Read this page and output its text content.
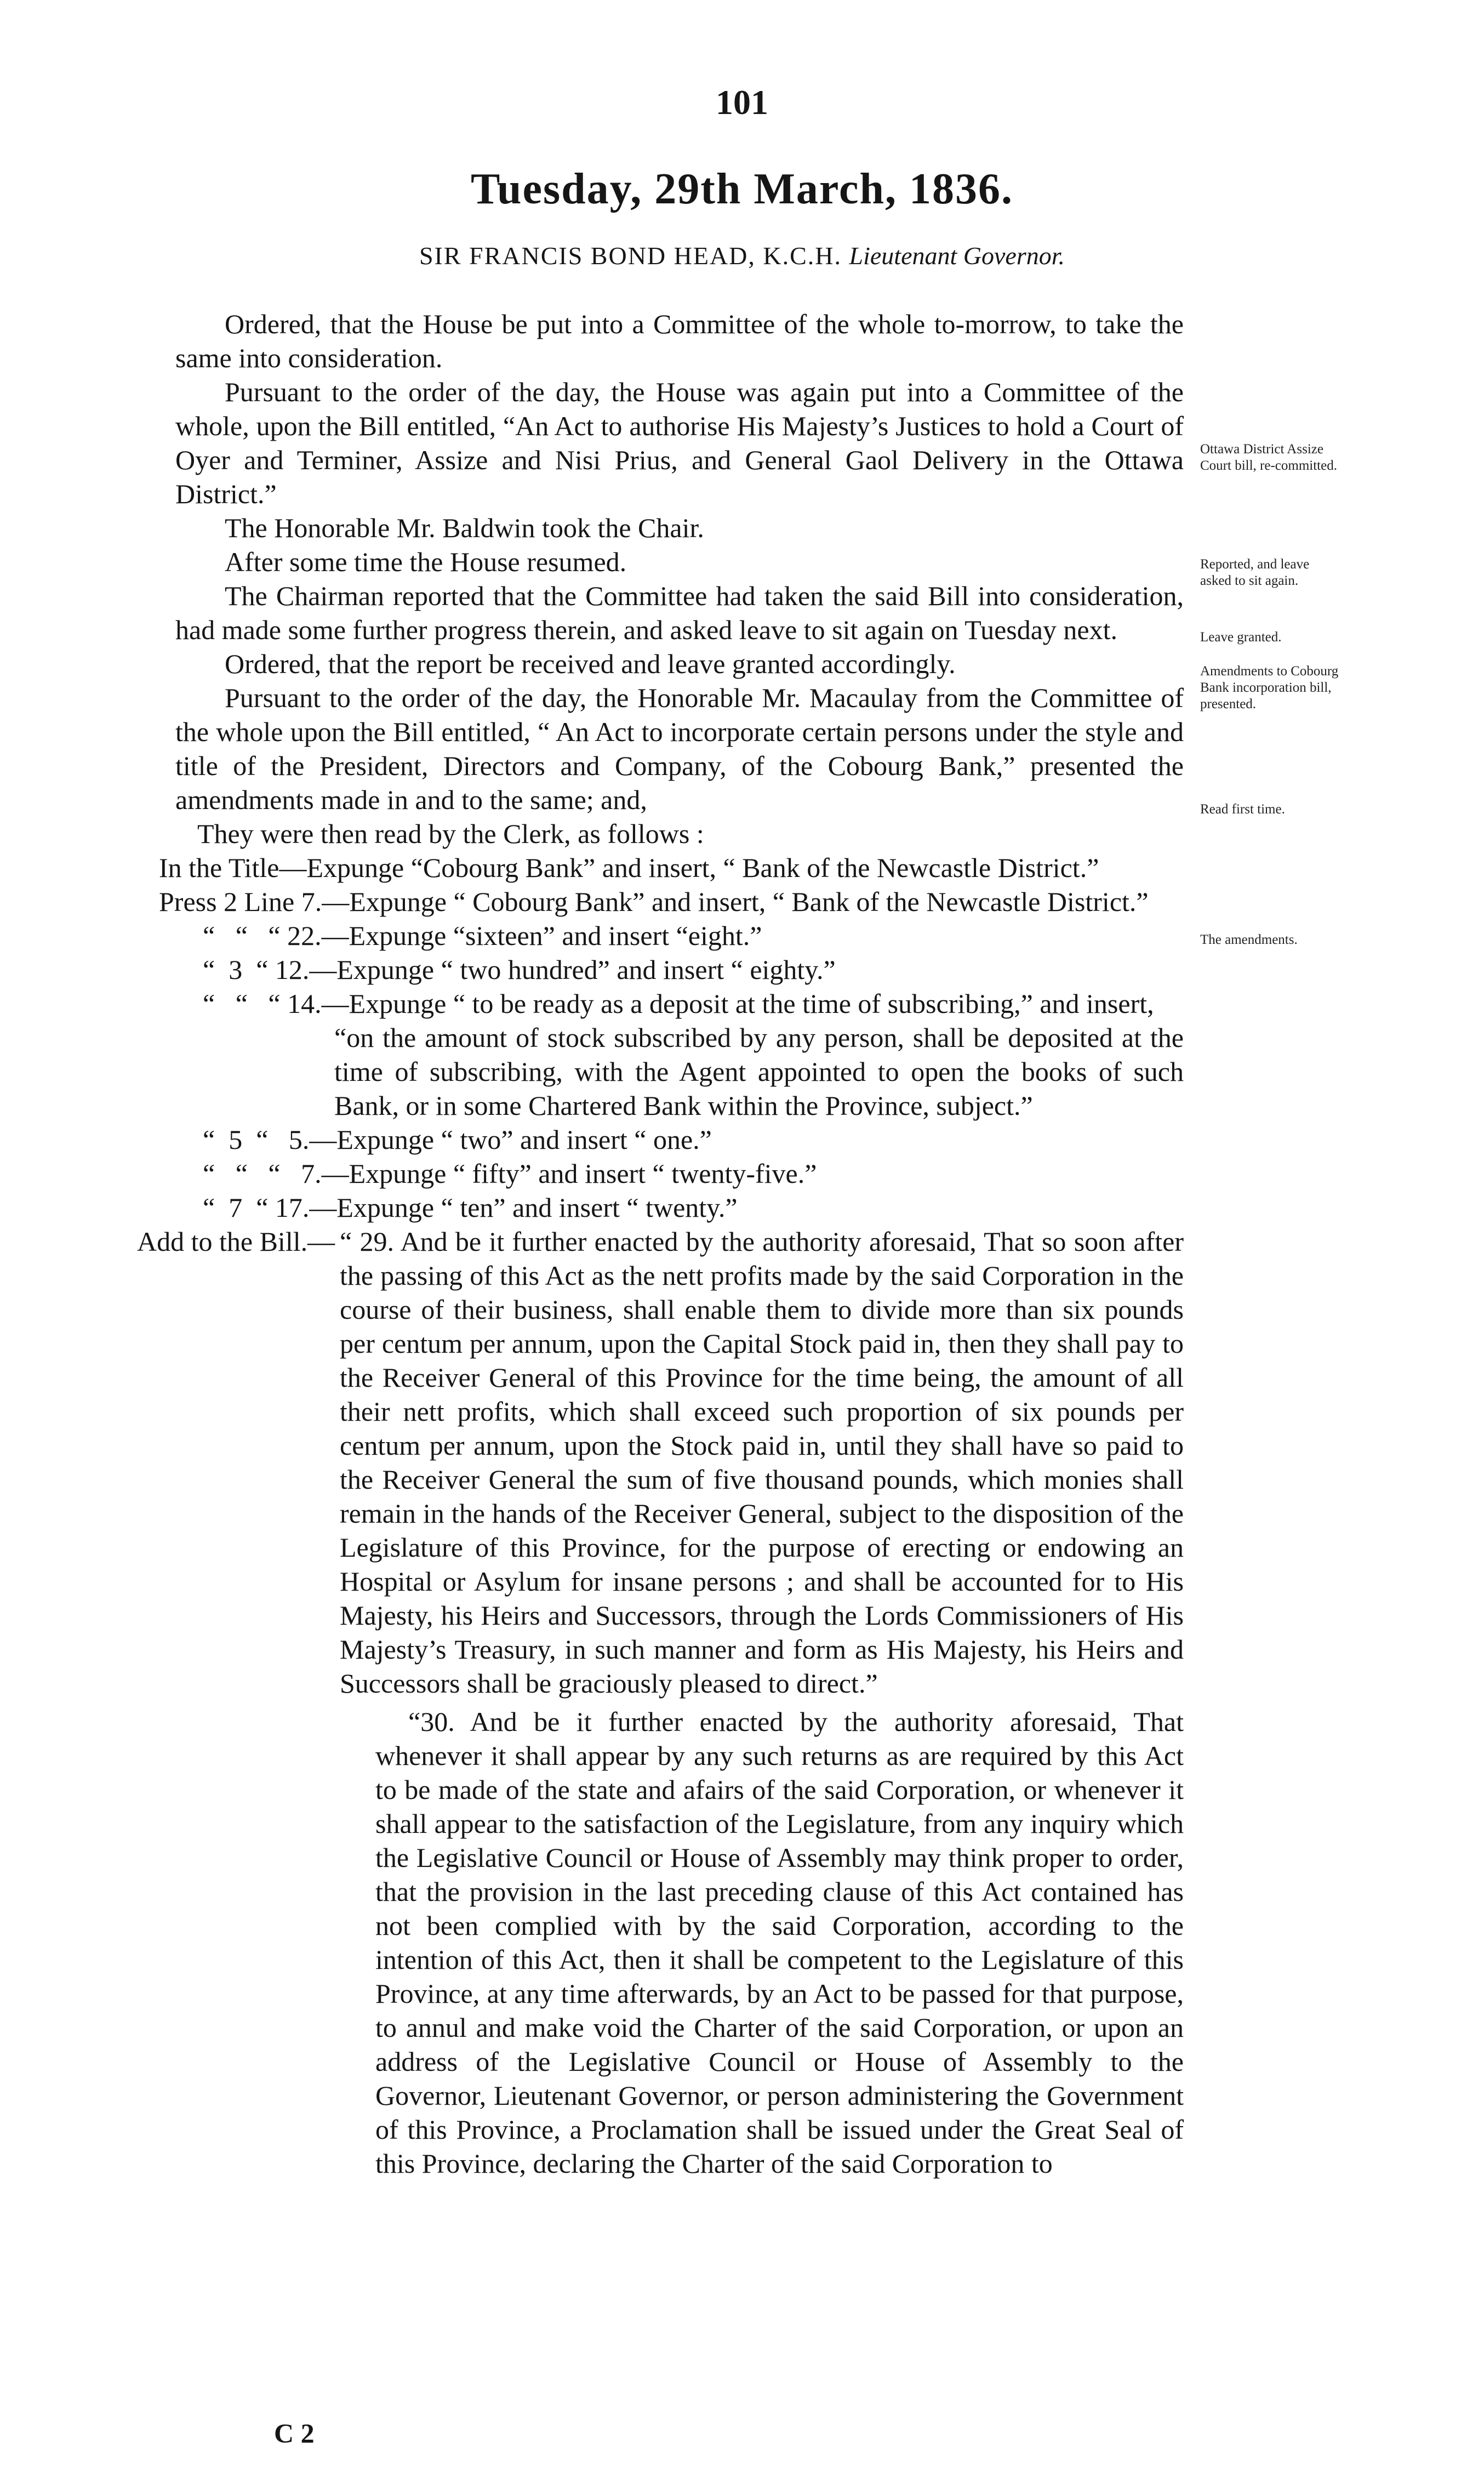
101
Tuesday, 29th March, 1836.
SIR FRANCIS BOND HEAD, K.C.H. Lieutenant Governor.

Ordered, that the House be put into a Committee of the whole to-morrow, to take the same into consideration.

Pursuant to the order of the day, the House was again put into a Committee of the whole, upon the Bill entitled, “An Act to authorise His Majesty’s Justices to hold a Court of Oyer and Terminer, Assize and Nisi Prius, and General Gaol Delivery in the Ottawa District.”

The Honorable Mr. Baldwin took the Chair.

After some time the House resumed.

The Chairman reported that the Committee had taken the said Bill into consideration, had made some further progress therein, and asked leave to sit again on Tuesday next.

Ordered, that the report be received and leave granted accordingly.

Pursuant to the order of the day, the Honorable Mr. Macaulay from the Committee of the whole upon the Bill entitled, “ An Act to incorporate certain persons under the style and title of the President, Directors and Company, of the Cobourg Bank,” presented the amendments made in and to the same; and,

They were then read by the Clerk, as follows :

In the Title—Expunge “Cobourg Bank” and insert, “ Bank of the Newcastle District.”
Press 2 Line 7.—Expunge “ Cobourg Bank” and insert, “ Bank of the Newcastle District.”
“   “   “ 22.—Expunge “sixteen” and insert “eight.”
“  3  “ 12.—Expunge “ two hundred” and insert “ eighty.”
“   “   “ 14.—Expunge “ to be ready as a deposit at the time of subscribing,” and insert,
“on the amount of stock subscribed by any person, shall be deposited at the time of subscribing, with the Agent appointed to open the books of such Bank, or in some Chartered Bank within the Province, subject.”
“  5  “   5.—Expunge “ two” and insert “ one.”
“   “   “   7.—Expunge “ fifty” and insert “ twenty-five.”
“  7  “ 17.—Expunge “ ten” and insert “ twenty.”
Add to the Bill.— “ 29. And be it further enacted by the authority aforesaid, That so soon after the passing of this Act as the nett profits made by the said Corporation in the course of their business, shall enable them to divide more than six pounds per centum per annum, upon the Capital Stock paid in, then they shall pay to the Receiver General of this Province for the time being, the amount of all their nett profits, which shall exceed such proportion of six pounds per centum per annum, upon the Stock paid in, until they shall have so paid to the Receiver General the sum of five thousand pounds, which monies shall remain in the hands of the Receiver General, subject to the disposition of the Legislature of this Province, for the purpose of erecting or endowing an Hospital or Asylum for insane persons ; and shall be accounted for to His Majesty, his Heirs and Successors, through the Lords Commissioners of His Majesty’s Treasury, in such manner and form as His Majesty, his Heirs and Successors shall be graciously pleased to direct.”
“30. And be it further enacted by the authority aforesaid, That whenever it shall appear by any such returns as are required by this Act to be made of the state and afairs of the said Corporation, or whenever it shall appear to the satisfaction of the Legislature, from any inquiry which the Legislative Council or House of Assembly may think proper to order, that the provision in the last preceding clause of this Act contained has not been complied with by the said Corporation, according to the intention of this Act, then it shall be competent to the Legislature of this Province, at any time afterwards, by an Act to be passed for that purpose, to annul and make void the Charter of the said Corporation, or upon an address of the Legislative Council or House of Assembly to the Governor, Lieutenant Governor, or person administering the Government of this Province, a Proclamation shall be issued under the Great Seal of this Province, declaring the Charter of the said Corporation to
Ottawa District Assize Court bill, re-committed.
Reported, and leave asked to sit again.
Leave granted.
Amendments to Cobourg Bank incorporation bill, presented.
Read first time.
The amendments.
C 2
